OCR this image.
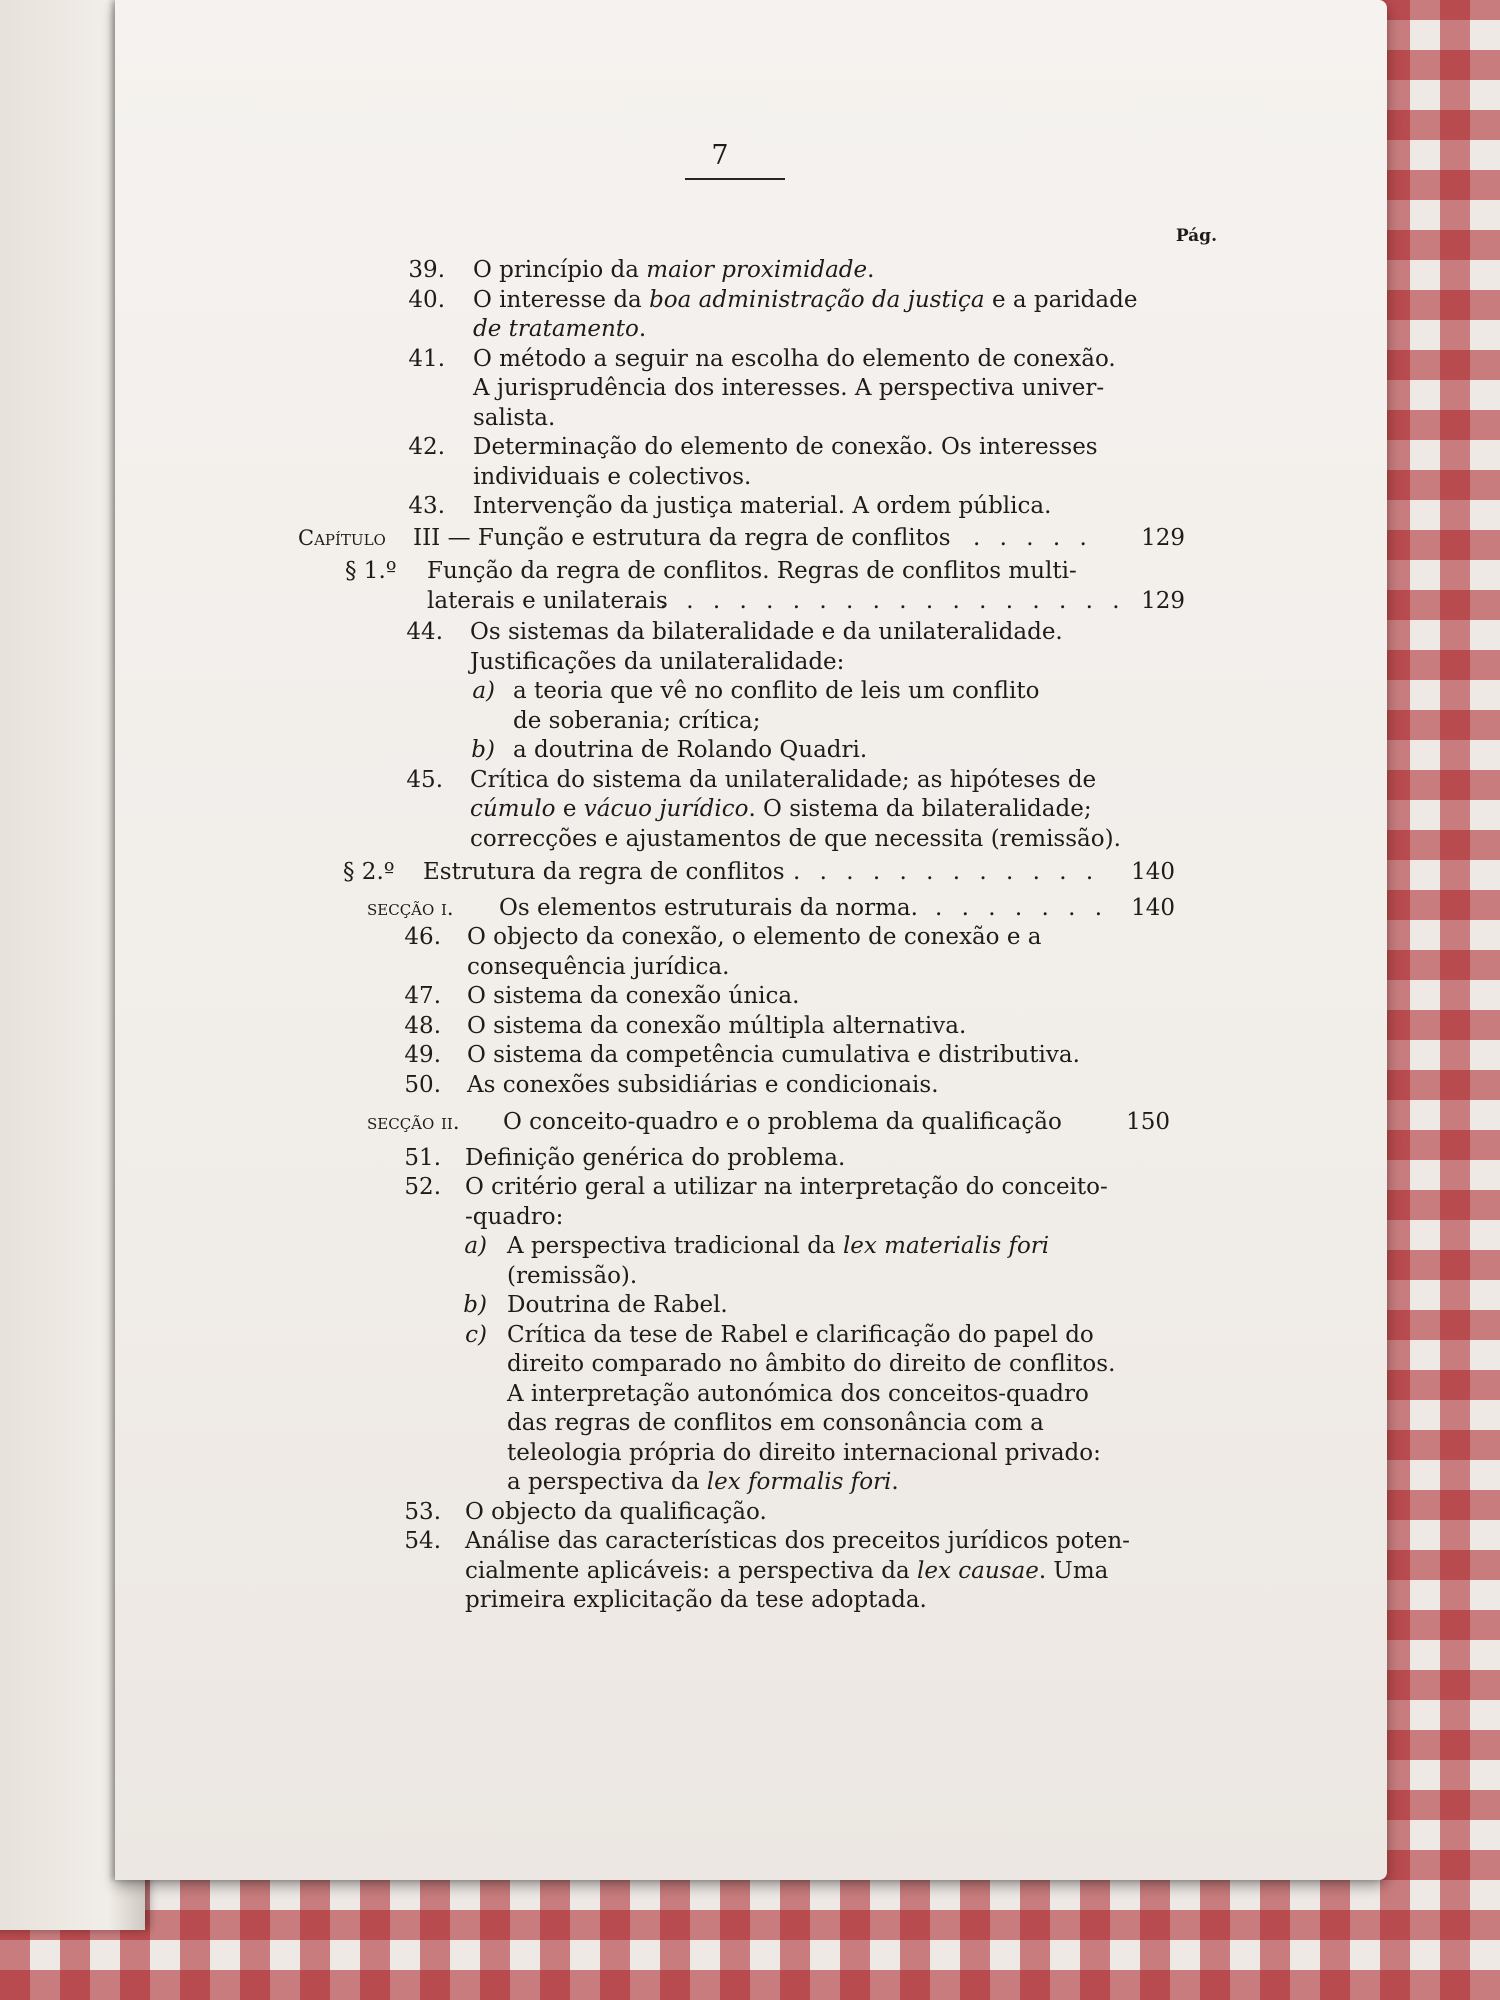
7
Pág.
39. O princípio da maior proximidade.
40. O interesse da boa administração da justiça e a paridade
de tratamento.
41. O método a seguir na escolha do elemento de conexão.
A jurisprudência dos interesses. A perspectiva univer-
salista.
42. Determinação do elemento de conexão. Os interesses
individuais e colectivos.
43. Intervenção da justiça material. A ordem pública.
Capítulo III — Função e estrutura da regra de conflitos . . . . .	129
§ 1.º Função da regra de conflitos. Regras de conflitos multi-
laterais e unilaterais
. . . . . . . . . . . . . . . . . . . 129
44. Os sistemas da bilateralidade e da unilateralidade.
Justificações da unilateralidade:
a) a teoria que vê no conflito de leis um conflito
de soberania; crítica;
b) a doutrina de Rolando Quadri.
45. Crítica do sistema da unilateralidade; as hipóteses de
cúmulo e vácuo jurídico. O sistema da bilateralidade;
correcções e ajustamentos de que necessita (remissão).
§ 2.º Estrutura da regra de conflitos . . . . . . . . . . . .	140
secção i. Os elementos estruturais da norma. . . . . . . .	140
46. O objecto da conexão, o elemento de conexão e a
consequência jurídica.
47. O sistema da conexão única.
48. O sistema da conexão múltipla alternativa.
49. O sistema da competência cumulativa e distributiva.
50. As conexões subsidiárias e condicionais.
secção ii. O conceito-quadro e o problema da qualificação	150
51. Definição genérica do problema.
52. O critério geral a utilizar na interpretação do conceito-
-quadro:
a) A perspectiva tradicional da lex materialis fori
(remissão).
b) Doutrina de Rabel.
c) Crítica da tese de Rabel e clarificação do papel do
direito comparado no âmbito do direito de conflitos.
A interpretação autonómica dos conceitos-quadro
das regras de conflitos em consonância com a
teleologia própria do direito internacional privado:
a perspectiva da lex formalis fori.
53. O objecto da qualificação.
54. Análise das características dos preceitos jurídicos poten-
cialmente aplicáveis: a perspectiva da lex causae. Uma
primeira explicitação da tese adoptada.
